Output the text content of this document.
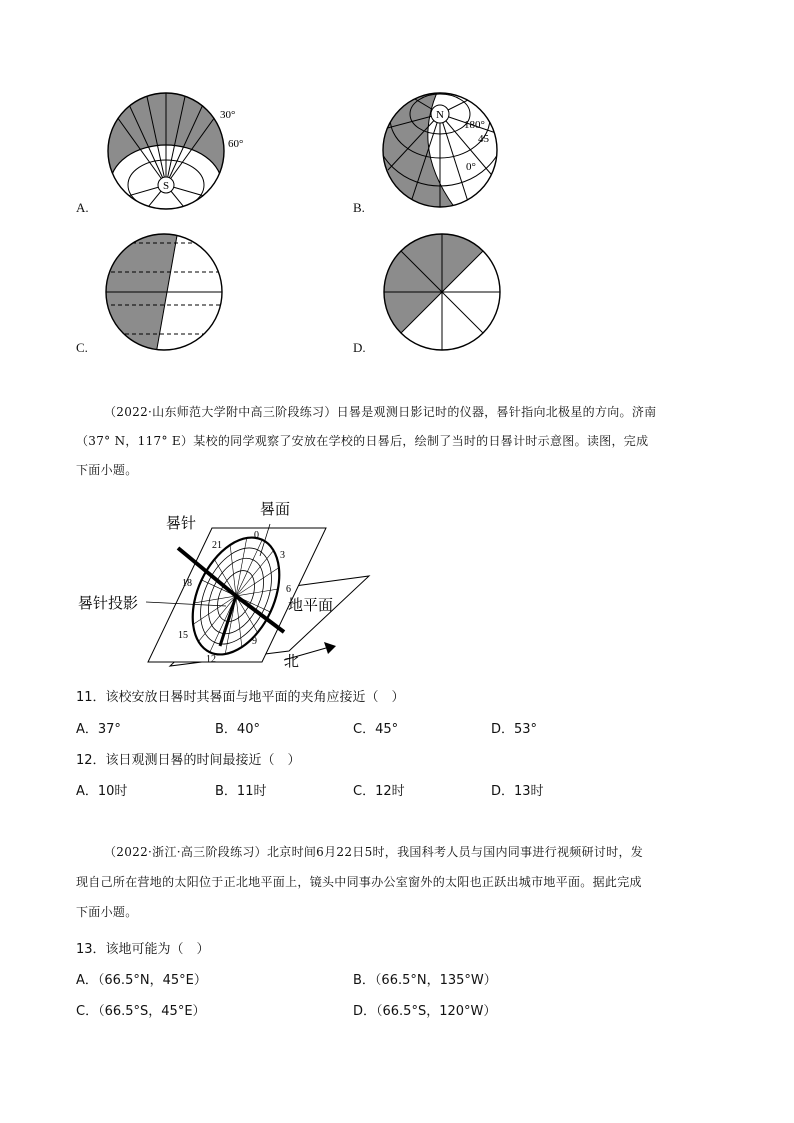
S
30°
60°
A.
N
180°
45
0°
B.
C.	D.
（2022·山东师范大学附中高三阶段练习）日晷是观测日影记时的仪器，晷针指向北极星的方向。济南
（37° N，117° E）某校的同学观察了安放在学校的日晷后，绘制了当时的日晷计时示意图。读图，完成
下面小题。
晷针
晷面
晷针投影	地平面
北
0
3
6
9
12
15
18
21
11．该校安放日晷时其晷面与地平面的夹角应接近（　）
A．37°	B．40°	C．45°	D．53°
12．该日观测日晷的时间最接近（　）
A．10时	B．11时	C．12时	D．13时
（2022·浙江·高三阶段练习）北京时间6月22日5时，我国科考人员与国内同事进行视频研讨时，发
现自己所在营地的太阳位于正北地平面上，镜头中同事办公室窗外的太阳也正跃出城市地平面。据此完成
下面小题。
13．该地可能为（　）
A．（66.5°N，45°E）	B．（66.5°N，135°W）
C．（66.5°S，45°E）	D．（66.5°S，120°W）
